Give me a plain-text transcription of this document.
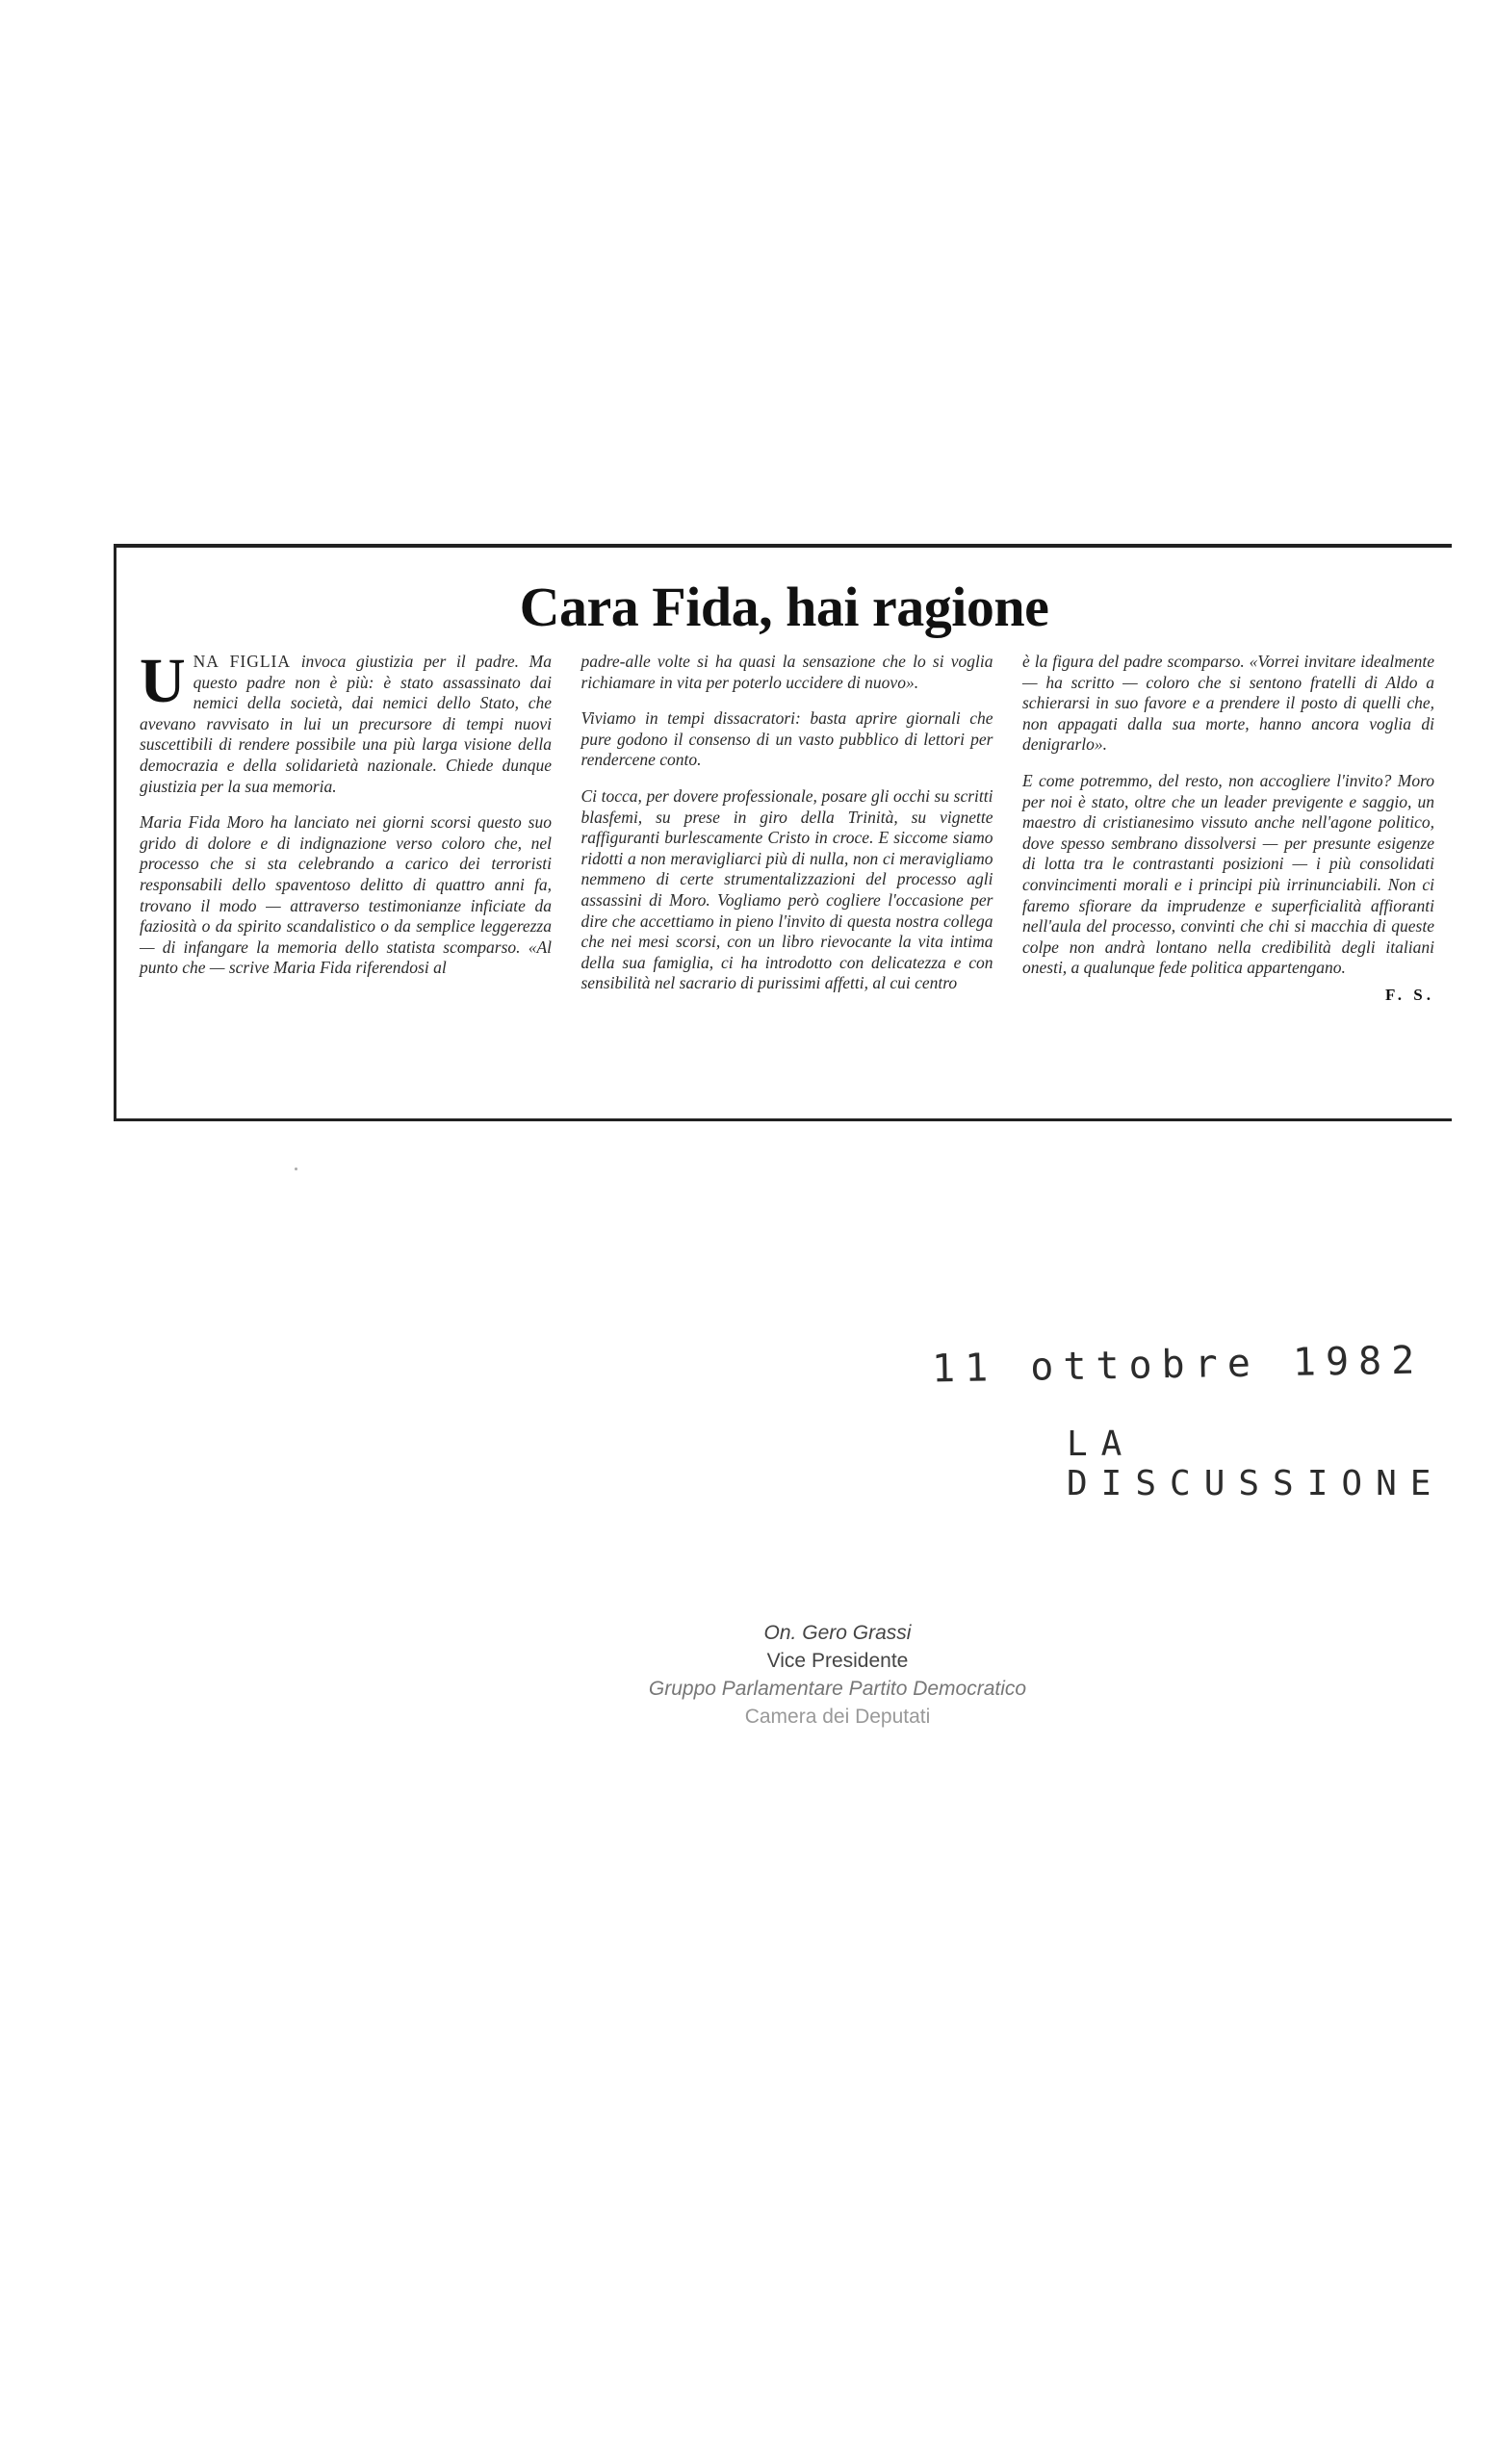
Cara Fida, hai ragione

UNA FIGLIA invoca giustizia per il padre. Ma questo padre non è più: è stato assassinato dai nemici della società, dai nemici dello Stato, che avevano ravvisato in lui un precursore di tempi nuovi suscettibili di rendere possibile una più larga visione della democrazia e della solidarietà nazionale. Chiede dunque giustizia per la sua memoria.

Maria Fida Moro ha lanciato nei giorni scorsi questo suo grido di dolore e di indignazione verso coloro che, nel processo che si sta celebrando a carico dei terroristi responsabili dello spaventoso delitto di quattro anni fa, trovano il modo — attraverso testimonianze inficiate da faziosità o da spirito scandalistico o da semplice leggerezza — di infangare la memoria dello statista scomparso. «Al punto che — scrive Maria Fida riferendosi al

padre-alle volte si ha quasi la sensazione che lo si voglia richiamare in vita per poterlo uccidere di nuovo».

Viviamo in tempi dissacratori: basta aprire giornali che pure godono il consenso di un vasto pubblico di lettori per rendercene conto.

Ci tocca, per dovere professionale, posare gli occhi su scritti blasfemi, su prese in giro della Trinità, su vignette raffiguranti burlescamente Cristo in croce. E siccome siamo ridotti a non meravigliarci più di nulla, non ci meravigliamo nemmeno di certe strumentalizzazioni del processo agli assassini di Moro. Vogliamo però cogliere l'occasione per dire che accettiamo in pieno l'invito di questa nostra collega che nei mesi scorsi, con un libro rievocante la vita intima della sua famiglia, ci ha introdotto con delicatezza e con sensibilità nel sacrario di purissimi affetti, al cui centro

è la figura del padre scomparso. «Vorrei invitare idealmente — ha scritto — coloro che si sentono fratelli di Aldo a schierarsi in suo favore e a prendere il posto di quelli che, non appagati dalla sua morte, hanno ancora voglia di denigrarlo».

E come potremmo, del resto, non accogliere l'invito? Moro per noi è stato, oltre che un leader previgente e saggio, un maestro di cristianesimo vissuto anche nell'agone politico, dove spesso sembrano dissolversi — per presunte esigenze di lotta tra le contrastanti posizioni — i più consolidati convincimenti morali e i principi più irrinunciabili. Non ci faremo sfiorare da imprudenze e superficialità affioranti nell'aula del processo, convinti che chi si macchia di queste colpe non andrà lontano nella credibilità degli italiani onesti, a qualunque fede politica appartengano.

F. S.
11 ottobre 1982
LA DISCUSSIONE
On. Gero Grassi
Vice Presidente
Gruppo Parlamentare Partito Democratico
Camera dei Deputati
